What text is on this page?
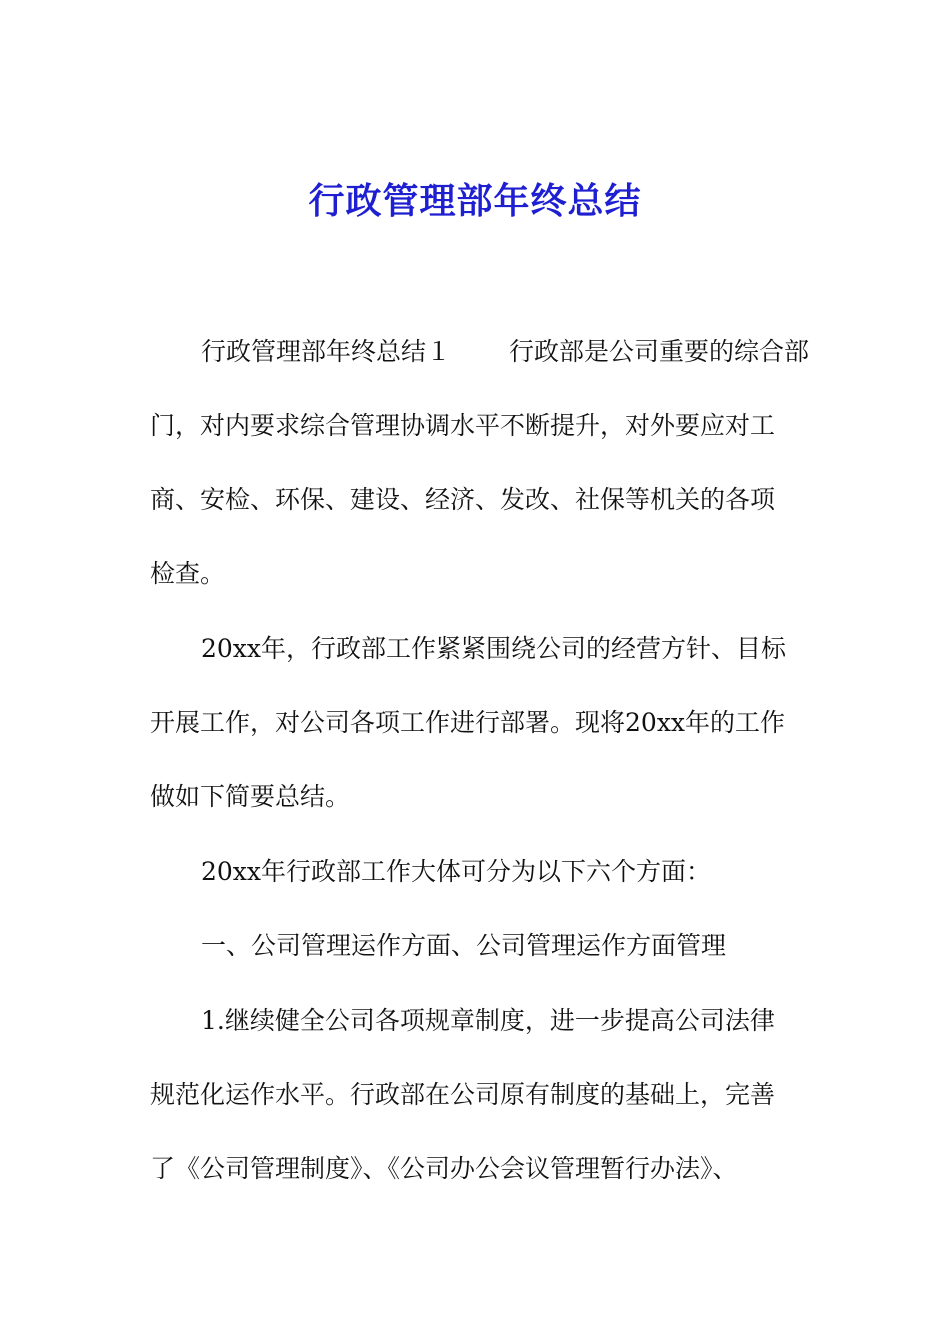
行政管理部年终总结

行政管理部年终总结１ 行政部是公司重要的综合部

门，对内要求综合管理协调水平不断提升，对外要应对工

商、安检、环保、建设、经济、发改、社保等机关的各项

检查。

20xx年，行政部工作紧紧围绕公司的经营方针、目标

开展工作，对公司各项工作进行部署。现将20xx年的工作

做如下简要总结。

20xx年行政部工作大体可分为以下六个方面：

一、公司管理运作方面、公司管理运作方面管理

1.继续健全公司各项规章制度，进一步提高公司法律

规范化运作水平。行政部在公司原有制度的基础上，完善

了《公司管理制度》、《公司办公会议管理暂行办法》、
